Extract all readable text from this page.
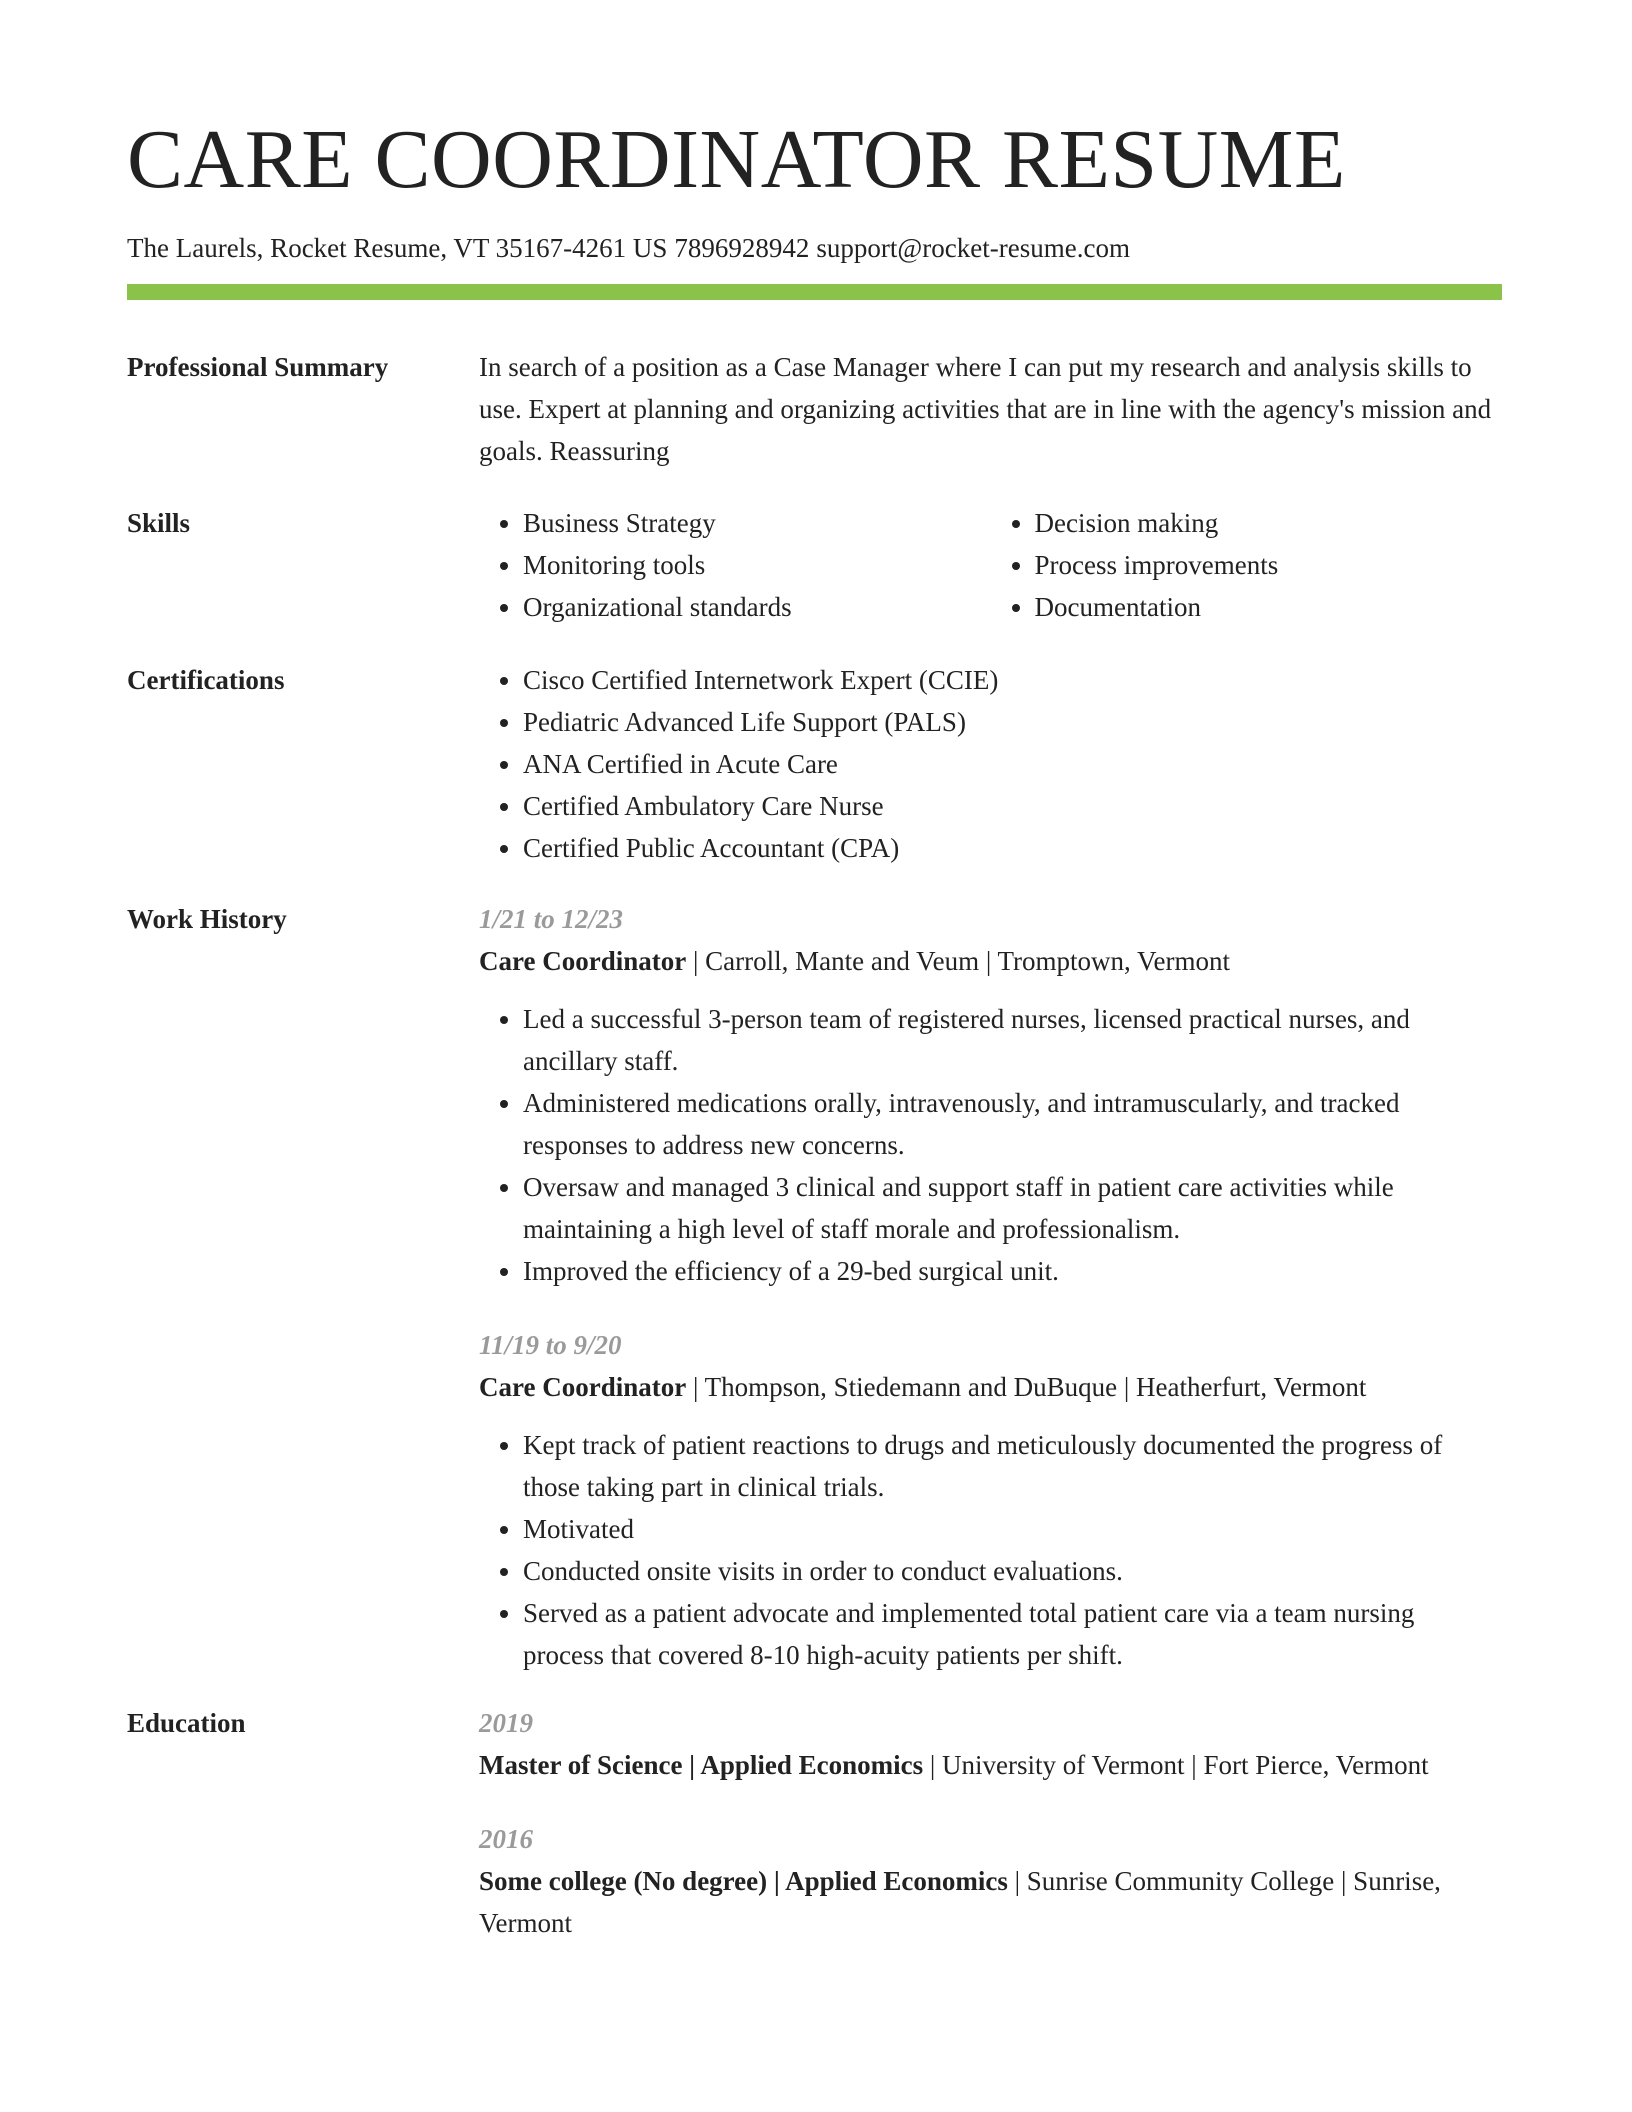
CARE COORDINATOR RESUME
The Laurels, Rocket Resume, VT 35167-4261 US 7896928942 support@rocket-resume.com
Professional Summary	In search of a position as a Case Manager where I can put my research and analysis skills to use. Expert at planning and organizing activities that are in line with the agency's mission and goals. Reassuring
Skills	• Business Strategy
• Monitoring tools
• Organizational standards
• Decision making
• Process improvements
• Documentation
Certifications	• Cisco Certified Internetwork Expert (CCIE)
• Pediatric Advanced Life Support (PALS)
• ANA Certified in Acute Care
• Certified Ambulatory Care Nurse
• Certified Public Accountant (CPA)
Work History	1/21 to 12/23
Care Coordinator | Carroll, Mante and Veum | Tromptown, Vermont
• Led a successful 3-person team of registered nurses, licensed practical nurses, and ancillary staff.
• Administered medications orally, intravenously, and intramuscularly, and tracked responses to address new concerns.
• Oversaw and managed 3 clinical and support staff in patient care activities while maintaining a high level of staff morale and professionalism.
• Improved the efficiency of a 29-bed surgical unit.
11/19 to 9/20
Care Coordinator | Thompson, Stiedemann and DuBuque | Heatherfurt, Vermont
• Kept track of patient reactions to drugs and meticulously documented the progress of those taking part in clinical trials.
• Motivated
• Conducted onsite visits in order to conduct evaluations.
• Served as a patient advocate and implemented total patient care via a team nursing process that covered 8-10 high-acuity patients per shift.
Education	2019
Master of Science | Applied Economics | University of Vermont | Fort Pierce, Vermont
2016
Some college (No degree) | Applied Economics | Sunrise Community College | Sunrise, Vermont
